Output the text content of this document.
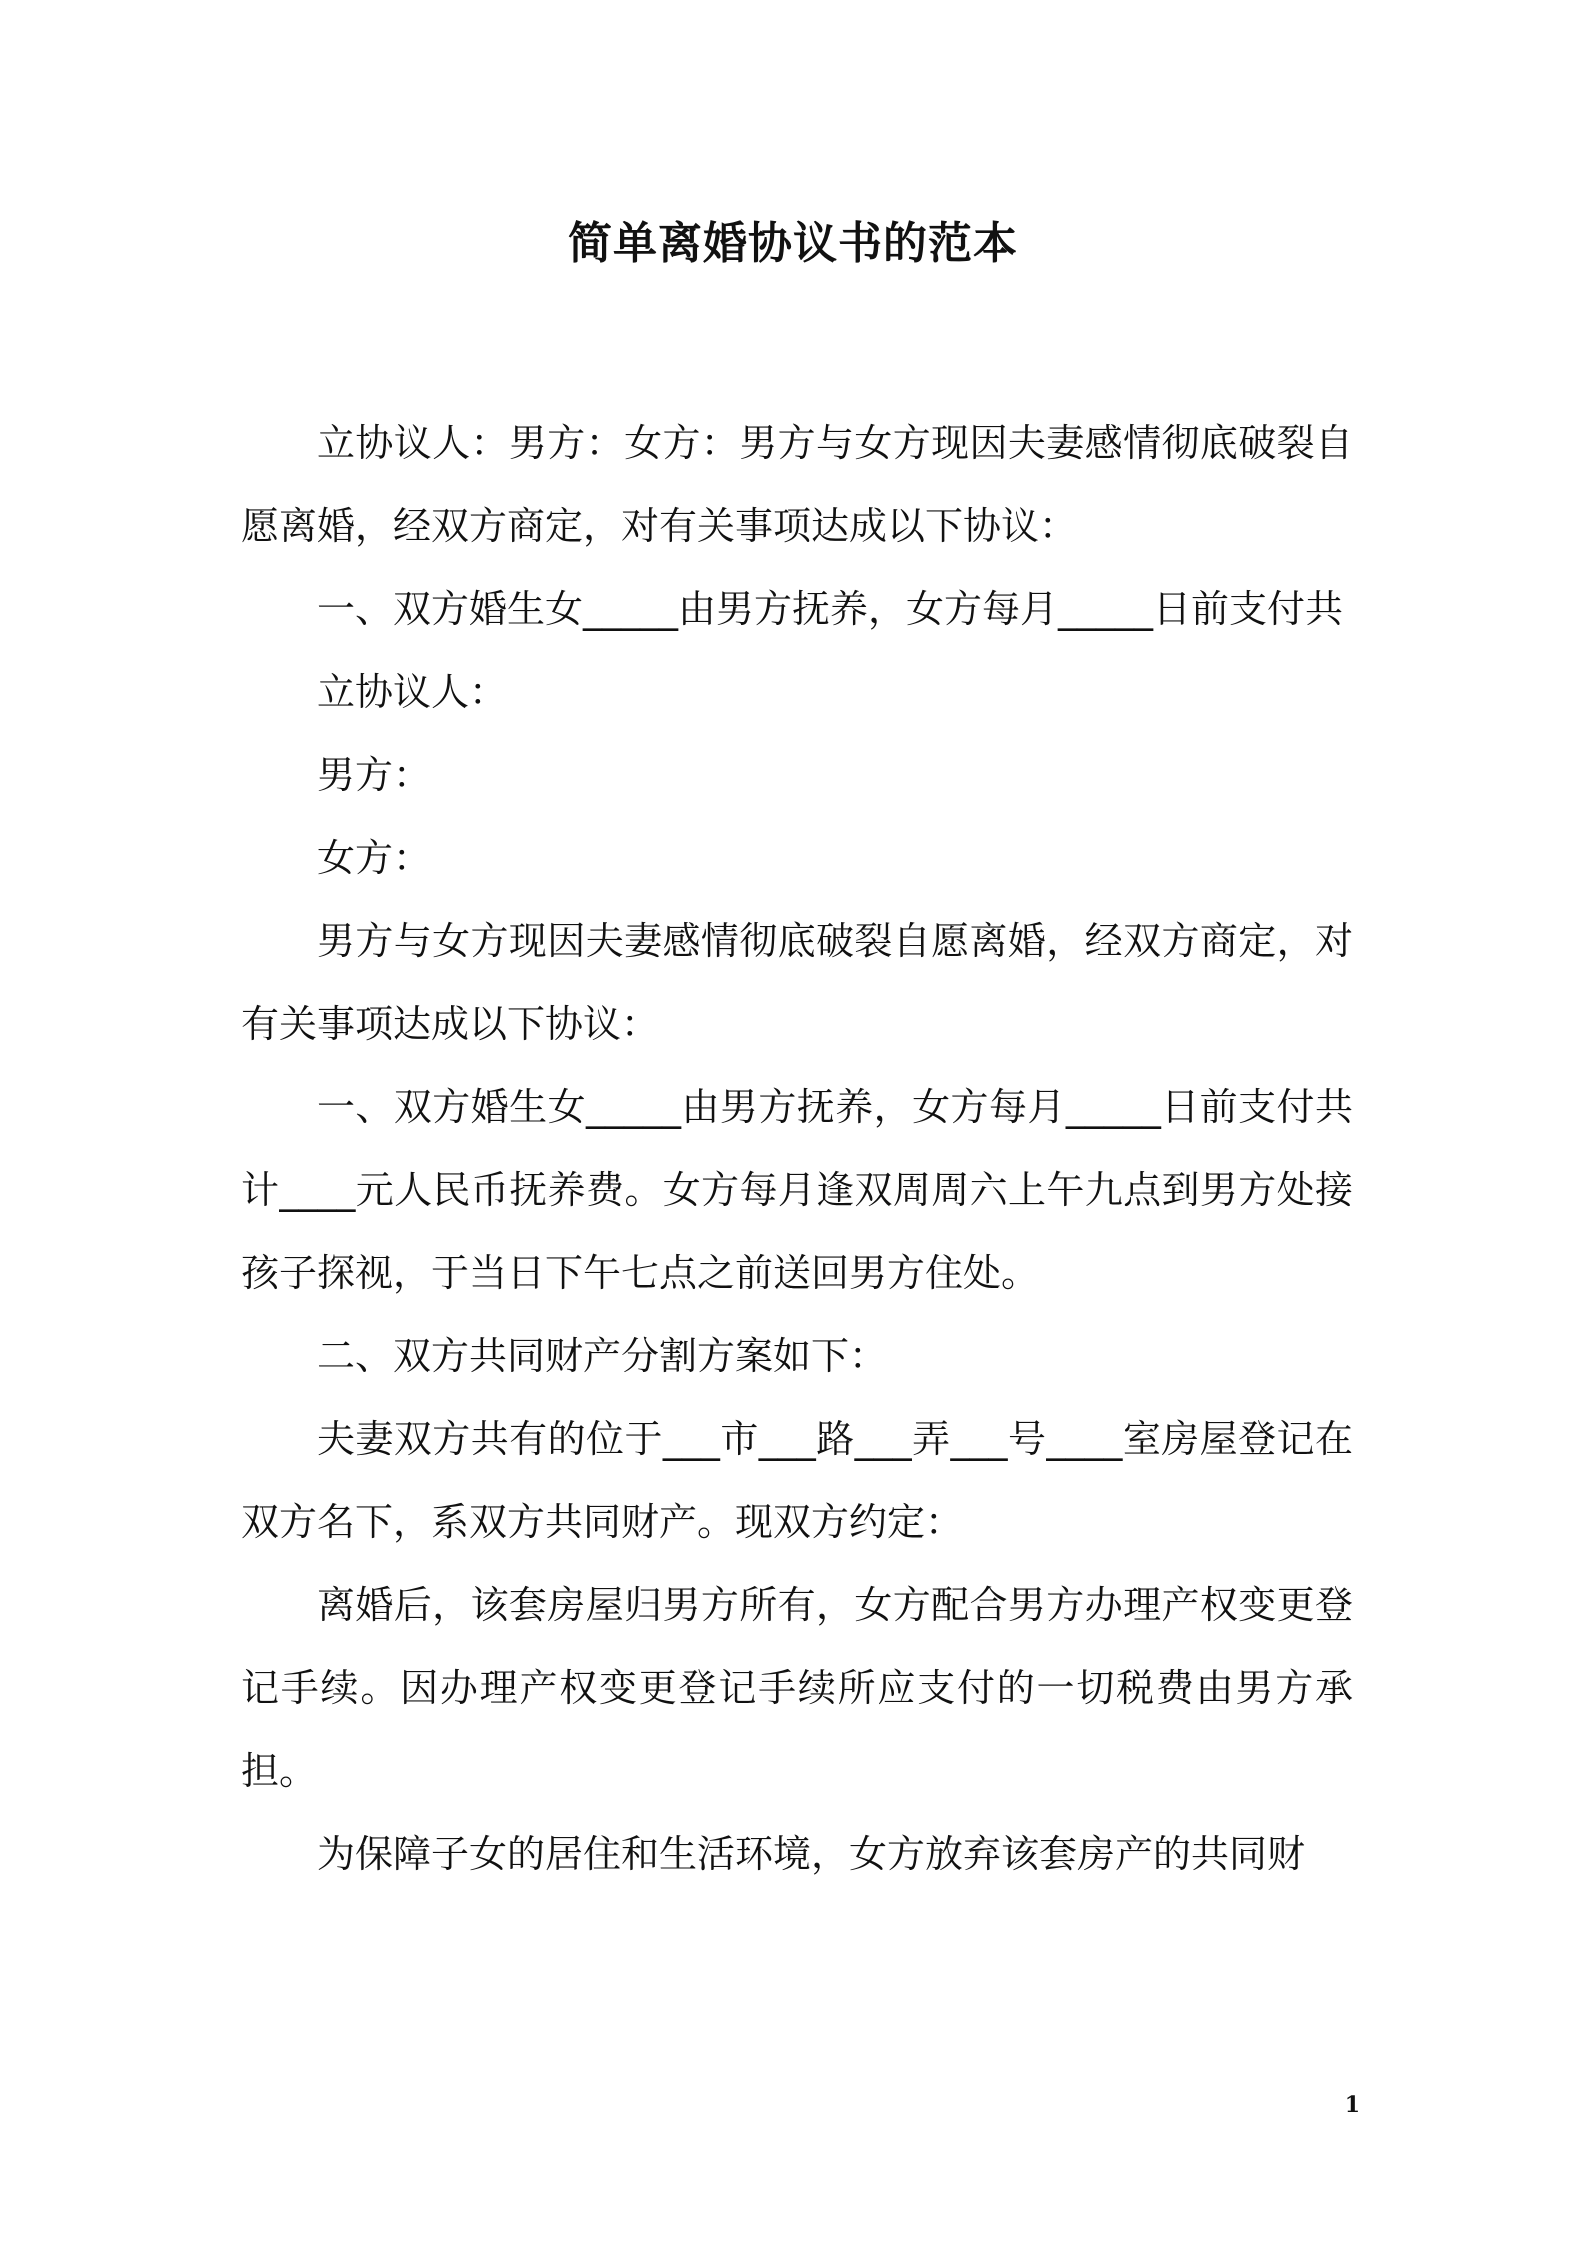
简单离婚协议书的范本

立协议人：男方：女方：男方与女方现因夫妻感情彻底破裂自愿离婚，经双方商定，对有关事项达成以下协议：

一、双方婚生女_____由男方抚养，女方每月_____日前支付共

立协议人：

男方：

女方：

男方与女方现因夫妻感情彻底破裂自愿离婚，经双方商定，对有关事项达成以下协议：

一、双方婚生女_____由男方抚养，女方每月_____日前支付共计____元人民币抚养费。女方每月逢双周周六上午九点到男方处接孩子探视，于当日下午七点之前送回男方住处。

二、双方共同财产分割方案如下：

夫妻双方共有的位于___市___路___弄___号____室房屋登记在双方名下，系双方共同财产。现双方约定：

离婚后，该套房屋归男方所有，女方配合男方办理产权变更登记手续。因办理产权变更登记手续所应支付的一切税费由男方承担。

为保障子女的居住和生活环境，女方放弃该套房产的共同财

1
